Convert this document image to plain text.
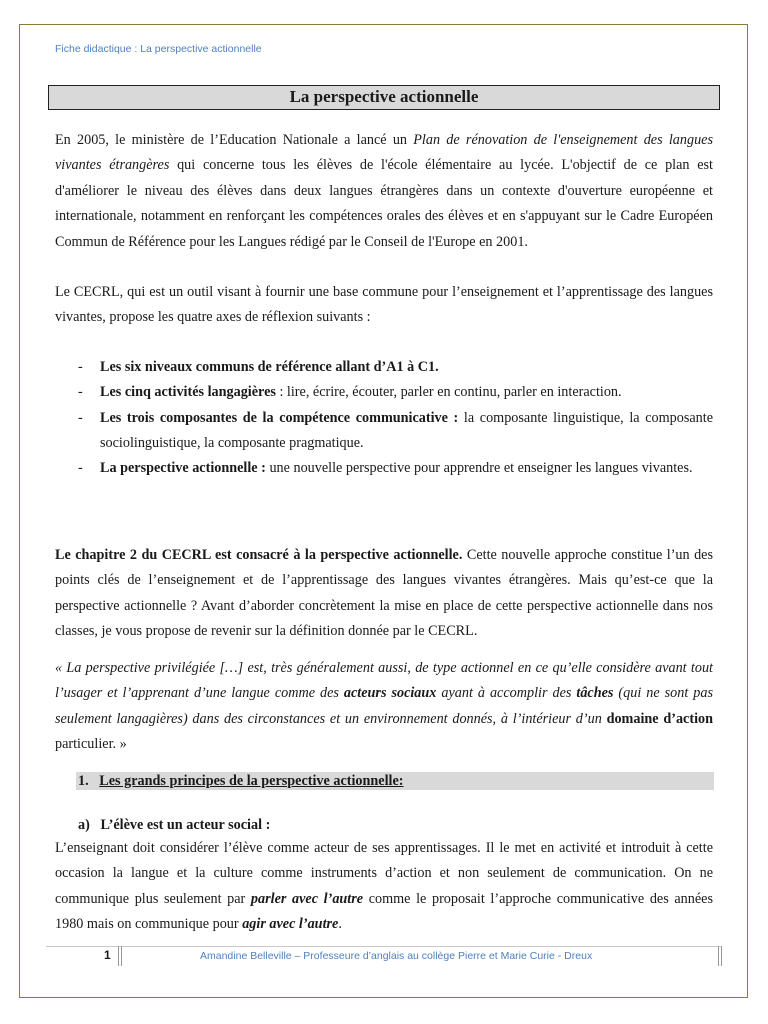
Fiche didactique : La perspective actionnelle
La perspective actionnelle
En 2005, le ministère de l’Education Nationale a lancé un Plan de rénovation de l'enseignement des langues vivantes étrangères qui concerne tous les élèves de l'école élémentaire au lycée. L'objectif de ce plan est d'améliorer le niveau des élèves dans deux langues étrangères dans un contexte d'ouverture européenne et internationale, notamment en renforçant les compétences orales des élèves et en s'appuyant sur le Cadre Européen Commun de Référence pour les Langues rédigé par le Conseil de l'Europe en 2001.
Le CECRL, qui est un outil visant à fournir une base commune pour l’enseignement et l’apprentissage des langues vivantes, propose les quatre axes de réflexion suivants :
- Les six niveaux communs de référence allant d’A1 à C1.
- Les cinq activités langagières : lire, écrire, écouter, parler en continu, parler en interaction.
- Les trois composantes de la compétence communicative : la composante linguistique, la composante sociolinguistique, la composante pragmatique.
- La perspective actionnelle : une nouvelle perspective pour apprendre et enseigner les langues vivantes.
Le chapitre 2 du CECRL est consacré à la perspective actionnelle. Cette nouvelle approche constitue l’un des points clés de l’enseignement et de l’apprentissage des langues vivantes étrangères. Mais qu’est-ce que la perspective actionnelle ? Avant d’aborder concrètement la mise en place de cette perspective actionnelle dans nos classes, je vous propose de revenir sur la définition donnée par le CECRL.
« La perspective privilégiée […] est, très généralement aussi, de type actionnel en ce qu’elle considère avant tout l’usager et l’apprenant d’une langue comme des acteurs sociaux ayant à accomplir des tâches (qui ne sont pas seulement langagières) dans des circonstances et un environnement donnés, à l’intérieur d’un domaine d’action particulier. »
1. Les grands principes de la perspective actionnelle:
a) L’élève est un acteur social :
L’enseignant doit considérer l’élève comme acteur de ses apprentissages. Il le met en activité et introduit à cette occasion la langue et la culture comme instruments d’action et non seulement de communication. On ne communique plus seulement par parler avec l’autre comme le proposait l’approche communicative des années 1980 mais on communique pour agir avec l’autre.
1	Amandine Belleville – Professeure d’anglais au collège Pierre et Marie Curie - Dreux
